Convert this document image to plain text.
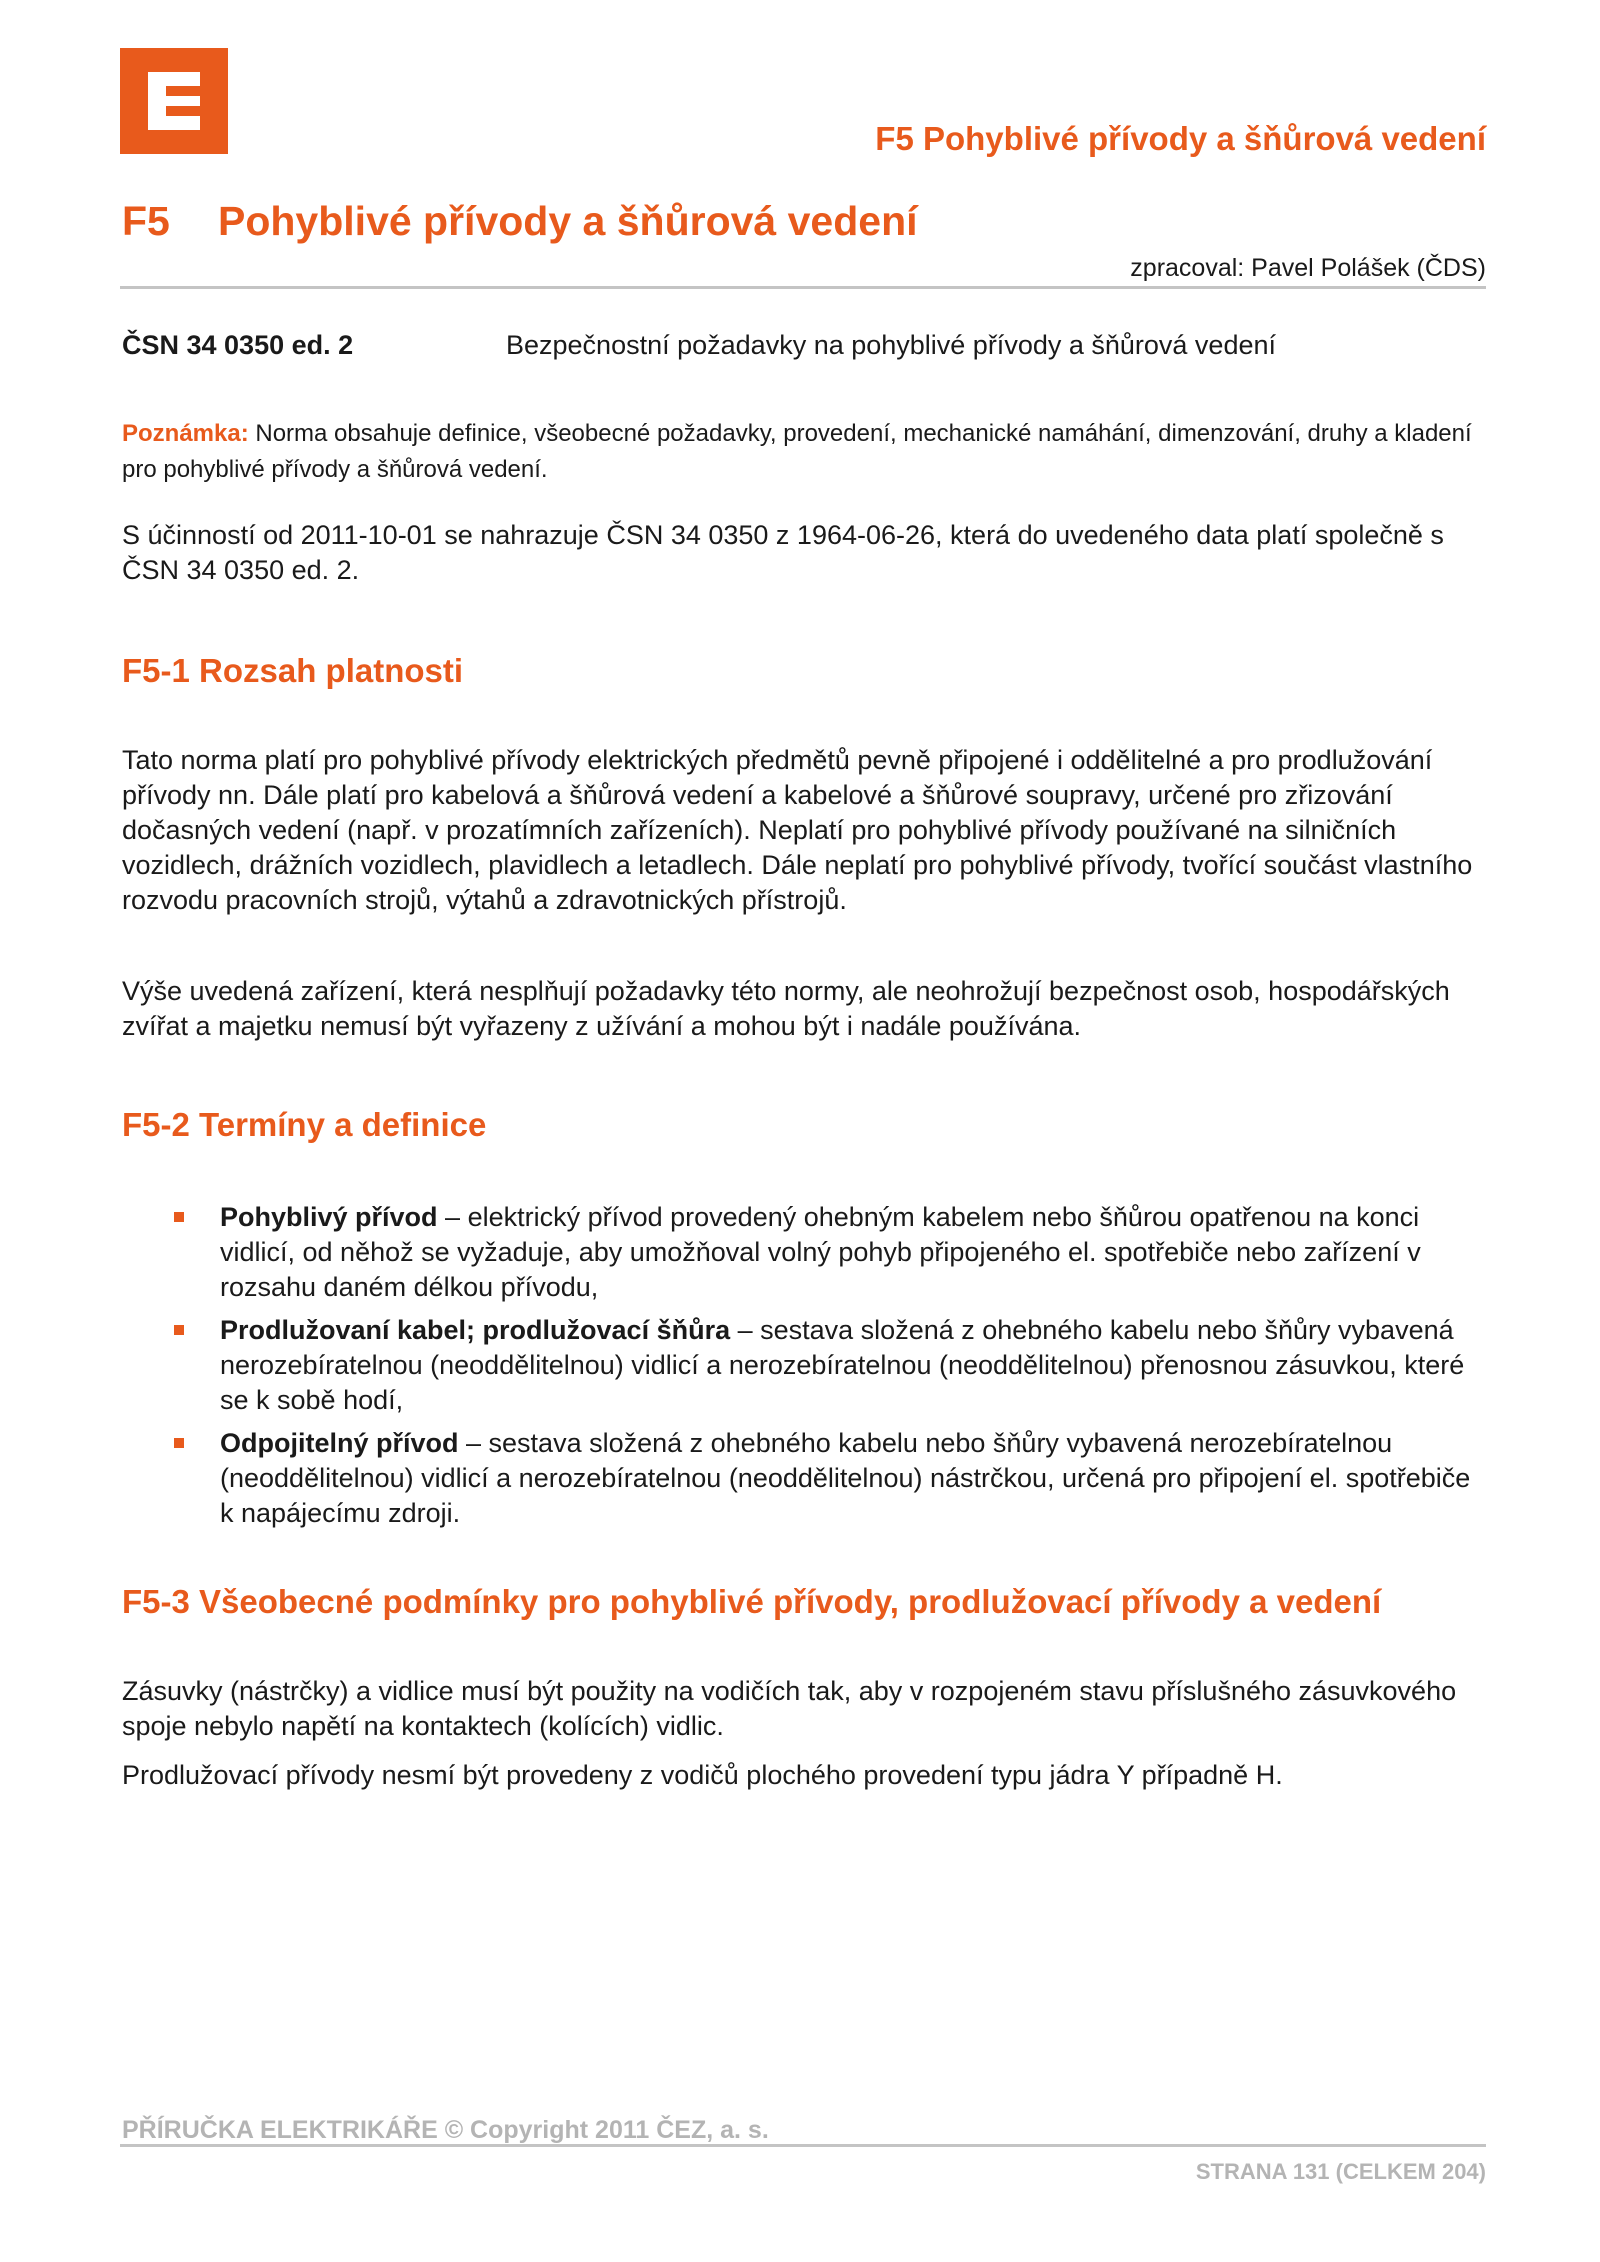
F5 Pohyblivé přívody a šňůrová vedení
F5 Pohyblivé přívody a šňůrová vedení
zpracoval: Pavel Polášek (ČDS)
ČSN 34 0350 ed. 2	Bezpečnostní požadavky na pohyblivé přívody a šňůrová vedení

Poznámka: Norma obsahuje definice, všeobecné požadavky, provedení, mechanické namáhání, dimenzování, druhy a kladení pro pohyblivé přívody a šňůrová vedení.

S účinností od 2011-10-01 se nahrazuje ČSN 34 0350 z 1964-06-26, která do uvedeného data platí společně s ČSN 34 0350 ed. 2.

F5-1 Rozsah platnosti

Tato norma platí pro pohyblivé přívody elektrických předmětů pevně připojené i oddělitelné a pro prodlužování přívody nn. Dále platí pro kabelová a šňůrová vedení a kabelové a šňůrové soupravy, určené pro zřizování dočasných vedení (např. v prozatímních zařízeních). Neplatí pro pohyblivé přívody používané na silničních vozidlech, drážních vozidlech, plavidlech a letadlech. Dále neplatí pro pohyblivé přívody, tvořící součást vlastního rozvodu pracovních strojů, výtahů a zdravotnických přístrojů.

Výše uvedená zařízení, která nesplňují požadavky této normy, ale neohrožují bezpečnost osob, hospodářských zvířat a majetku nemusí být vyřazeny z užívání a mohou být i nadále používána.

F5-2 Termíny a definice
Pohyblivý přívod – elektrický přívod provedený ohebným kabelem nebo šňůrou opatřenou na konci vidlicí, od něhož se vyžaduje, aby umožňoval volný pohyb připojeného el. spotřebiče nebo zařízení v rozsahu daném délkou přívodu,
Prodlužovaní kabel; prodlužovací šňůra – sestava složená z ohebného kabelu nebo šňůry vybavená nerozebíratelnou (neoddělitelnou) vidlicí a nerozebíratelnou (neoddělitelnou) přenosnou zásuvkou, které se k sobě hodí,
Odpojitelný přívod – sestava složená z ohebného kabelu nebo šňůry vybavená nerozebíratelnou (neoddělitelnou) vidlicí a nerozebíratelnou (neoddělitelnou) nástrčkou, určená pro připojení el. spotřebiče k napájecímu zdroji.
F5-3 Všeobecné podmínky pro pohyblivé přívody, prodlužovací přívody a vedení

Zásuvky (nástrčky) a vidlice musí být použity na vodičích tak, aby v rozpojeném stavu příslušného zásuvkového spoje nebylo napětí na kontaktech (kolících) vidlic.

Prodlužovací přívody nesmí být provedeny z vodičů plochého provedení typu jádra Y případně H.

PŘÍRUČKA ELEKTRIKÁŘE © Copyright 2011 ČEZ, a. s.
STRANA 131 (CELKEM 204)
